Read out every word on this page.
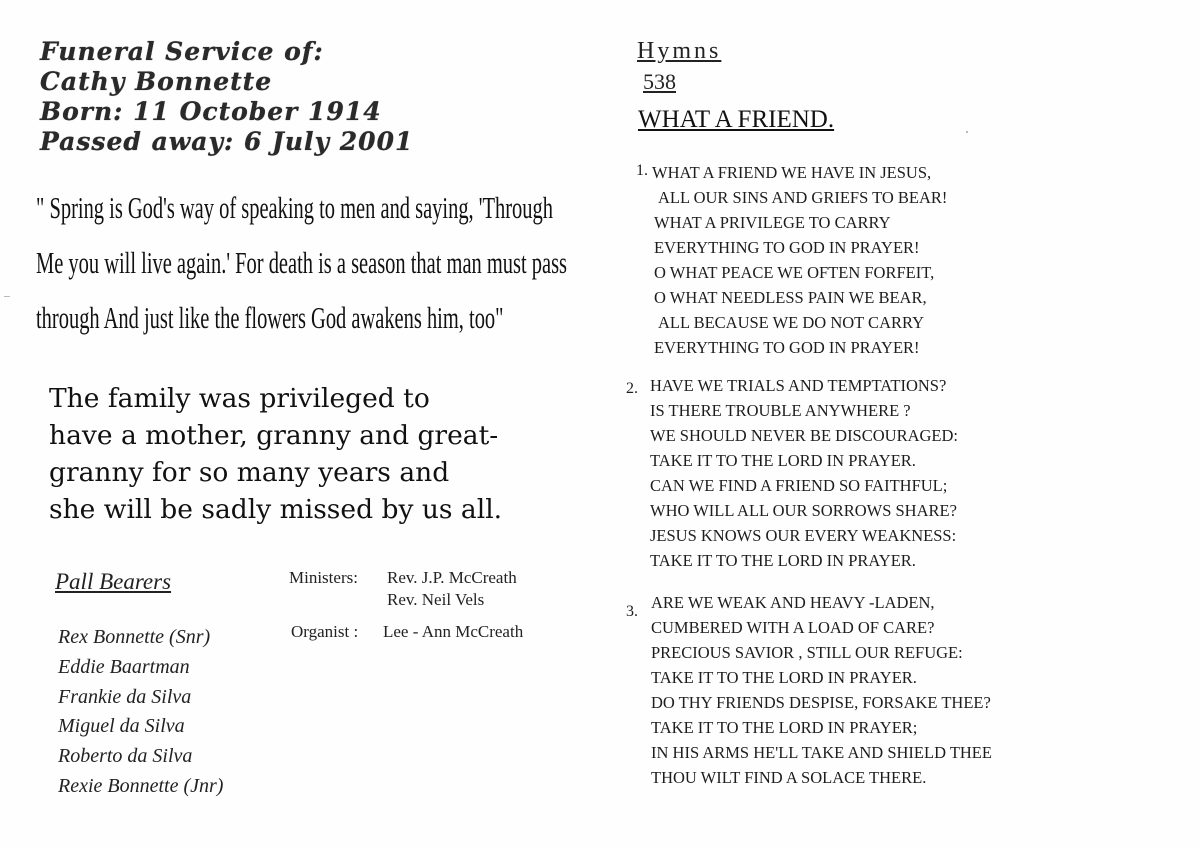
Funeral Service of:
Cathy Bonnette
Born: 11 October 1914
Passed away: 6 July 2001
" Spring is God's way of speaking to men and saying, 'Through
Me you will live again.' For death is a season that man must pass
through And just like the flowers God awakens him, too"
The family was privileged to
have a mother, granny and great-
granny for so many years and
she will be sadly missed by us all.
Pall Bearers
Rex Bonnette (Snr)
Eddie Baartman
Frankie da Silva
Miguel da Silva
Roberto da Silva
Rexie Bonnette (Jnr)
Ministers: Rev. J.P. McCreath
Rev. Neil Vels
Organist : Lee - Ann McCreath
Hymns
538
WHAT A FRIEND.
1. WHAT A FRIEND WE HAVE IN JESUS,
ALL OUR SINS AND GRIEFS TO BEAR!
WHAT A PRIVILEGE TO CARRY
EVERYTHING TO GOD IN PRAYER!
O WHAT PEACE WE OFTEN FORFEIT,
O WHAT NEEDLESS PAIN WE BEAR,
ALL BECAUSE WE DO NOT CARRY
EVERYTHING TO GOD IN PRAYER!
2. HAVE WE TRIALS AND TEMPTATIONS?
IS THERE TROUBLE ANYWHERE ?
WE SHOULD NEVER BE DISCOURAGED:
TAKE IT TO THE LORD IN PRAYER.
CAN WE FIND A FRIEND SO FAITHFUL;
WHO WILL ALL OUR SORROWS SHARE?
JESUS KNOWS OUR EVERY WEAKNESS:
TAKE IT TO THE LORD IN PRAYER.
3. ARE WE WEAK AND HEAVY -LADEN,
CUMBERED WITH A LOAD OF CARE?
PRECIOUS SAVIOR , STILL OUR REFUGE:
TAKE IT TO THE LORD IN PRAYER.
DO THY FRIENDS DESPISE, FORSAKE THEE?
TAKE IT TO THE LORD IN PRAYER;
IN HIS ARMS HE'LL TAKE AND SHIELD THEE
THOU WILT FIND A SOLACE THERE.
